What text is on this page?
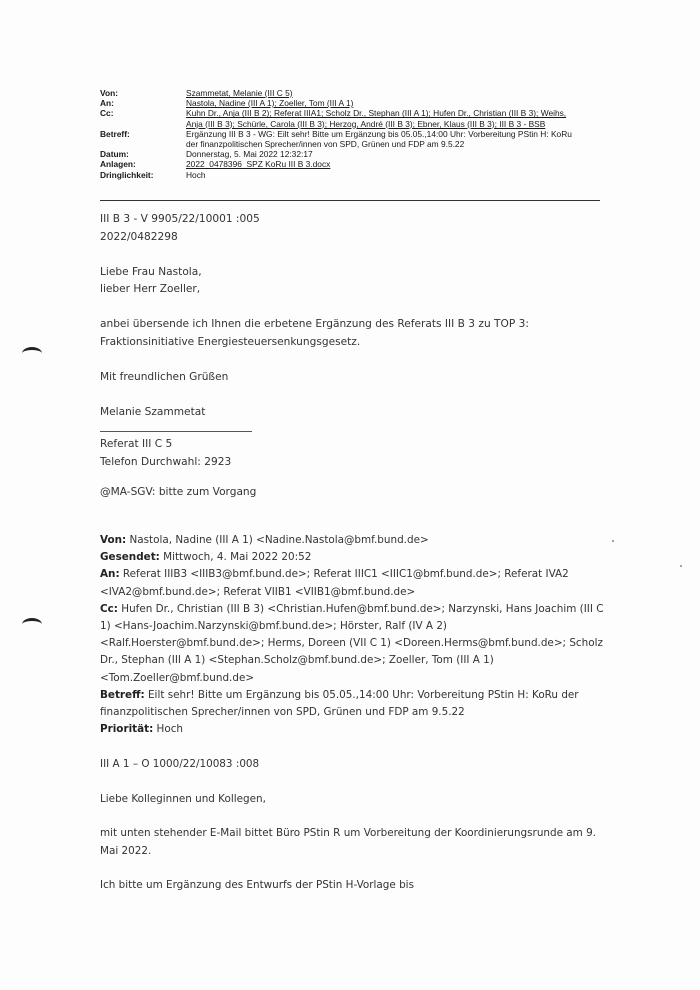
Von:	Szammetat, Melanie (III C 5)
An:	Nastola, Nadine (III A 1); Zoeller, Tom (III A 1)
Cc:	Kuhn Dr., Anja (III B 2); Referat IIIA1; Scholz Dr., Stephan (III A 1); Hufen Dr., Christian (III B 3); Weihs,
Anja (III B 3); Schürle, Carola (III B 3); Herzog, André (III B 3); Ebner, Klaus (III B 3); III B 3 - BSB
Betreff:	Ergänzung III B 3 - WG: Eilt sehr! Bitte um Ergänzung bis 05.05.,14:00 Uhr: Vorbereitung PStin H: KoRu
der finanzpolitischen Sprecher/innen von SPD, Grünen und FDP am 9.5.22
Datum:	Donnerstag, 5. Mai 2022 12:32:17
Anlagen:	2022_0478396_SPZ KoRu III B 3.docx
Dringlichkeit:	Hoch

III B 3 - V 9905/22/10001 :005

2022/0482298

Liebe Frau Nastola,

lieber Herr Zoeller,

anbei übersende ich Ihnen die erbetene Ergänzung des Referats III B 3 zu TOP 3:

Fraktionsinitiative Energiesteuersenkungsgesetz.

Mit freundlichen Grüßen

Melanie Szammetat

Referat III C 5

Telefon Durchwahl: 2923

@MA-SGV: bitte zum Vorgang

Von: Nastola, Nadine (III A 1) <Nadine.Nastola@bmf.bund.de>

Gesendet: Mittwoch, 4. Mai 2022 20:52

An: Referat IIIB3 <IIIB3@bmf.bund.de>; Referat IIIC1 <IIIC1@bmf.bund.de>; Referat IVA2
<IVA2@bmf.bund.de>; Referat VIIB1 <VIIB1@bmf.bund.de>

Cc: Hufen Dr., Christian (III B 3) <Christian.Hufen@bmf.bund.de>; Narzynski, Hans Joachim (III C
1) <Hans-Joachim.Narzynski@bmf.bund.de>; Hörster, Ralf (IV A 2)
<Ralf.Hoerster@bmf.bund.de>; Herms, Doreen (VII C 1) <Doreen.Herms@bmf.bund.de>; Scholz
Dr., Stephan (III A 1) <Stephan.Scholz@bmf.bund.de>; Zoeller, Tom (III A 1)
<Tom.Zoeller@bmf.bund.de>

Betreff: Eilt sehr! Bitte um Ergänzung bis 05.05.,14:00 Uhr: Vorbereitung PStin H: KoRu der
finanzpolitischen Sprecher/innen von SPD, Grünen und FDP am 9.5.22

Priorität: Hoch

III A 1 – O 1000/22/10083 :008

Liebe Kolleginnen und Kollegen,

mit unten stehender E-Mail bittet Büro PStin R um Vorbereitung der Koordinierungsrunde am 9.

Mai 2022.

Ich bitte um Ergänzung des Entwurfs der PStin H-Vorlage bis
